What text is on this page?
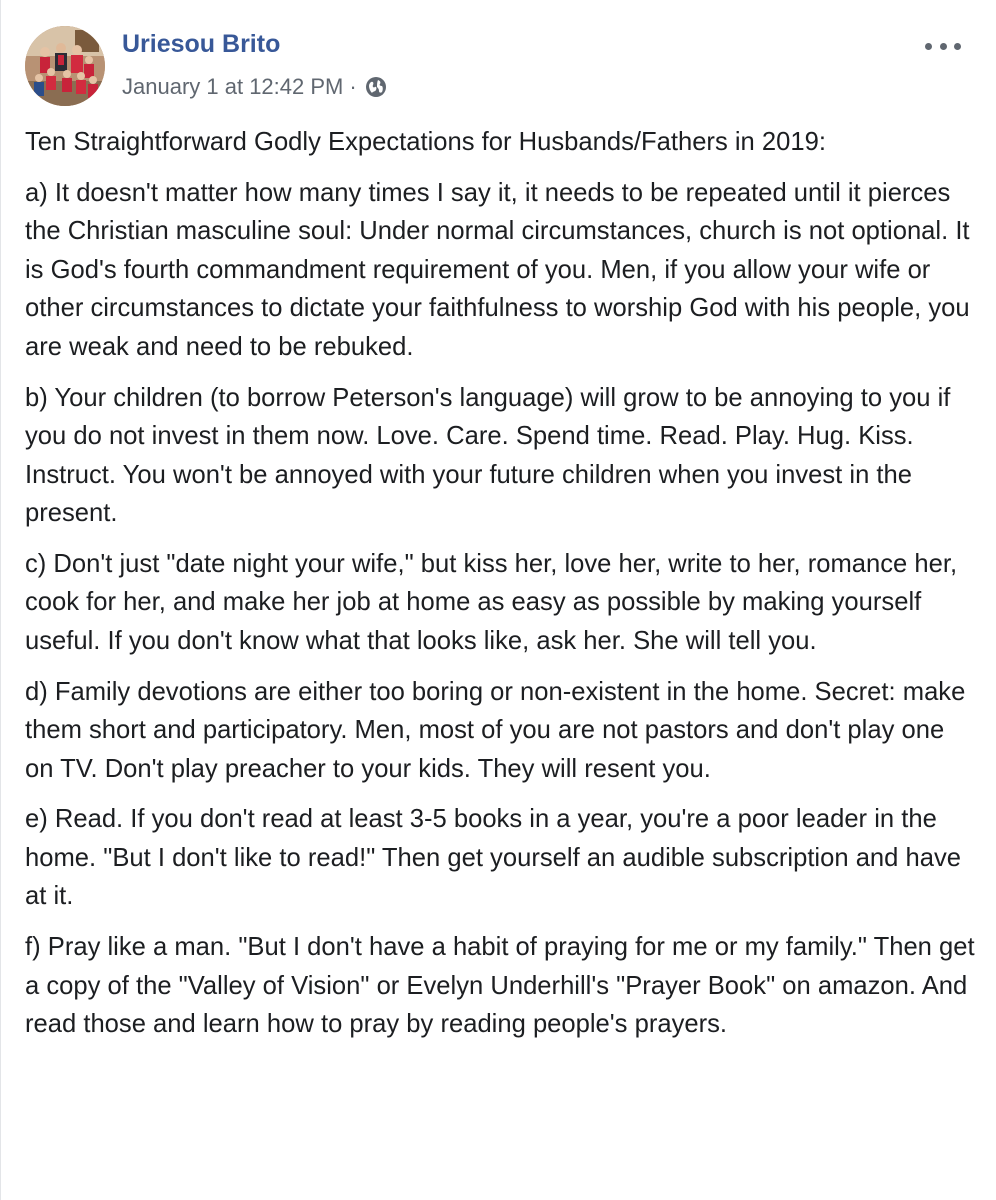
Uriesou Brito
January 1 at 12:42 PM ·

Ten Straightforward Godly Expectations for Husbands/Fathers in 2019:

a) It doesn't matter how many times I say it, it needs to be repeated until it pierces the Christian masculine soul: Under normal circumstances, church is not optional. It is God's fourth commandment requirement of you. Men, if you allow your wife or other circumstances to dictate your faithfulness to worship God with his people, you are weak and need to be rebuked.

b) Your children (to borrow Peterson's language) will grow to be annoying to you if you do not invest in them now. Love. Care. Spend time. Read. Play. Hug. Kiss. Instruct. You won't be annoyed with your future children when you invest in the present.

c) Don't just "date night your wife," but kiss her, love her, write to her, romance her, cook for her, and make her job at home as easy as possible by making yourself useful. If you don't know what that looks like, ask her. She will tell you.

d) Family devotions are either too boring or non-existent in the home. Secret: make them short and participatory. Men, most of you are not pastors and don't play one on TV. Don't play preacher to your kids. They will resent you.

e) Read. If you don't read at least 3-5 books in a year, you're a poor leader in the home. "But I don't like to read!" Then get yourself an audible subscription and have at it.

f) Pray like a man. "But I don't have a habit of praying for me or my family." Then get a copy of the "Valley of Vision" or Evelyn Underhill's "Prayer Book" on amazon. And read those and learn how to pray by reading people's prayers.
